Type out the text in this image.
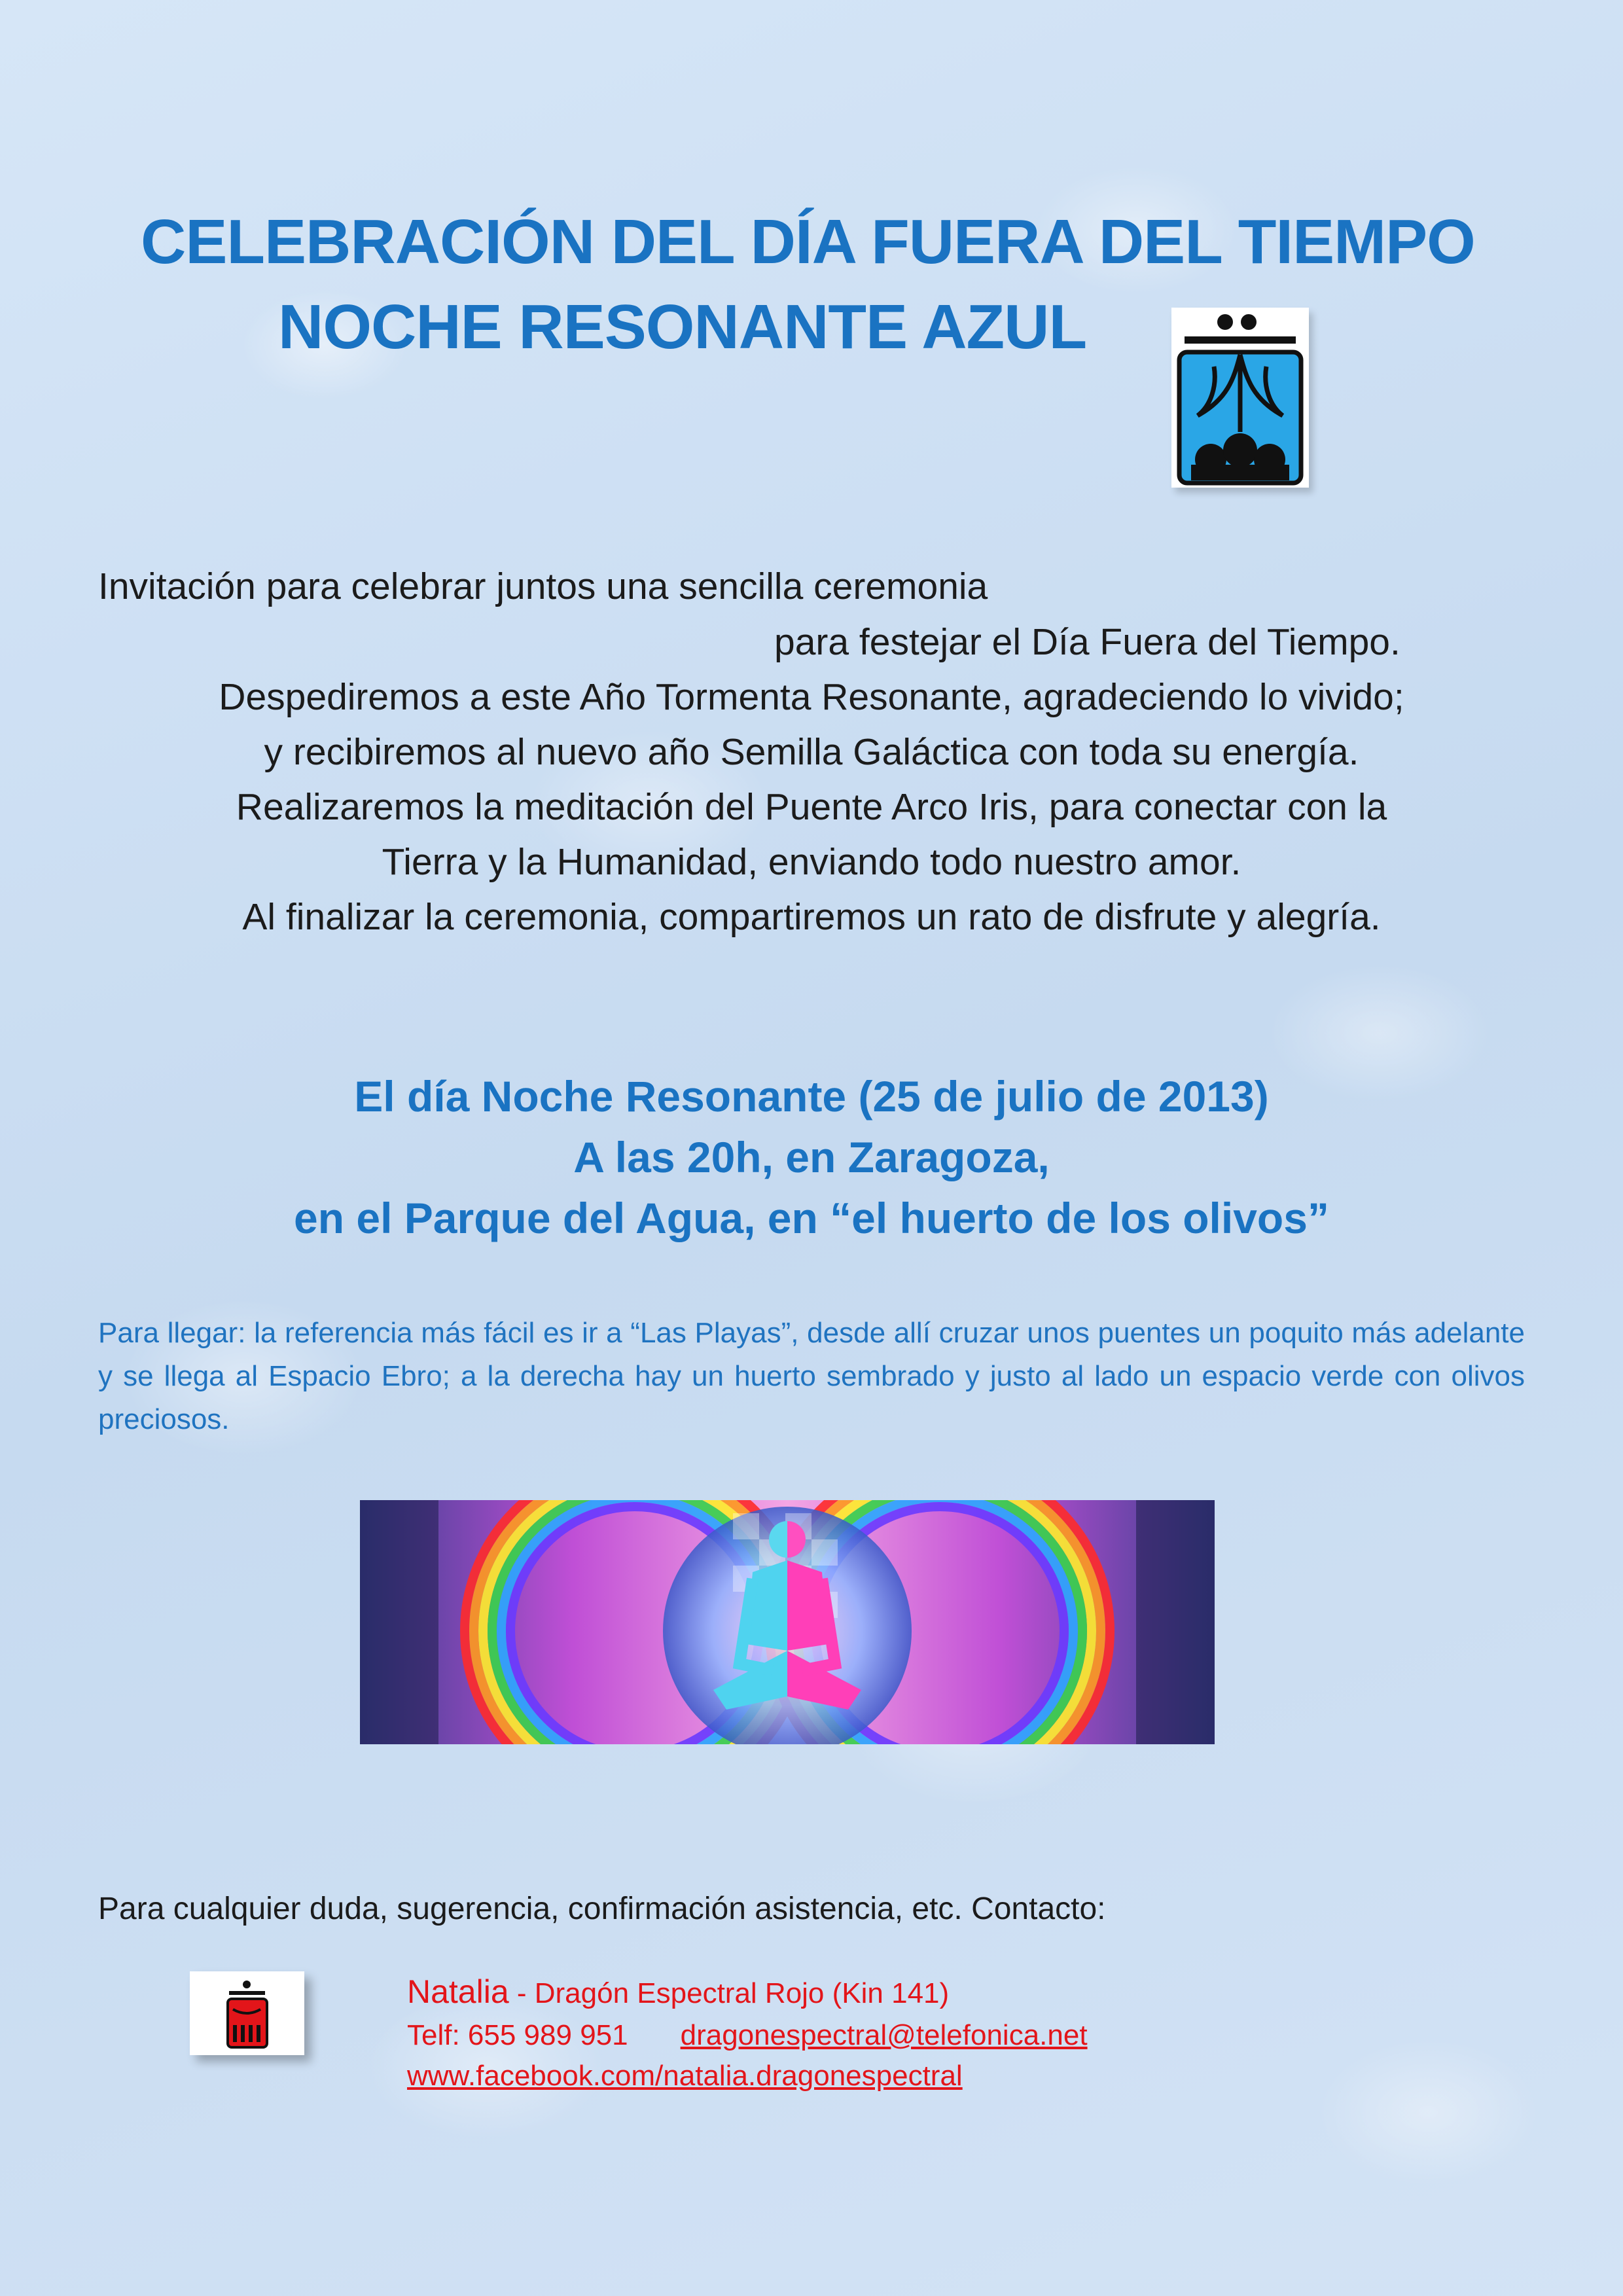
CELEBRACIÓN DEL DÍA FUERA DEL TIEMPO
NOCHE RESONANTE AZUL
Invitación para celebrar juntos una sencilla ceremonia
para festejar el Día Fuera del Tiempo.
Despediremos a este Año Tormenta Resonante, agradeciendo lo vivido;
y recibiremos al nuevo año Semilla Galáctica con toda su energía.
Realizaremos la meditación del Puente Arco Iris, para conectar con la
Tierra y la Humanidad, enviando todo nuestro amor.
Al finalizar la ceremonia, compartiremos un rato de disfrute y alegría.
El día Noche Resonante (25 de julio de 2013)
A las 20h, en Zaragoza,
en el Parque del Agua, en “el huerto de los olivos”
Para llegar: la referencia más fácil es ir a “Las Playas”, desde allí cruzar unos puentes un poquito más adelante y se llega al Espacio Ebro; a la derecha hay un huerto sembrado y justo al lado un espacio verde con olivos preciosos.
Para cualquier duda, sugerencia, confirmación asistencia, etc. Contacto:
Natalia - Dragón Espectral Rojo (Kin 141)
Telf: 655 989 951 dragonespectral@telefonica.net
www.facebook.com/natalia.dragonespectral
